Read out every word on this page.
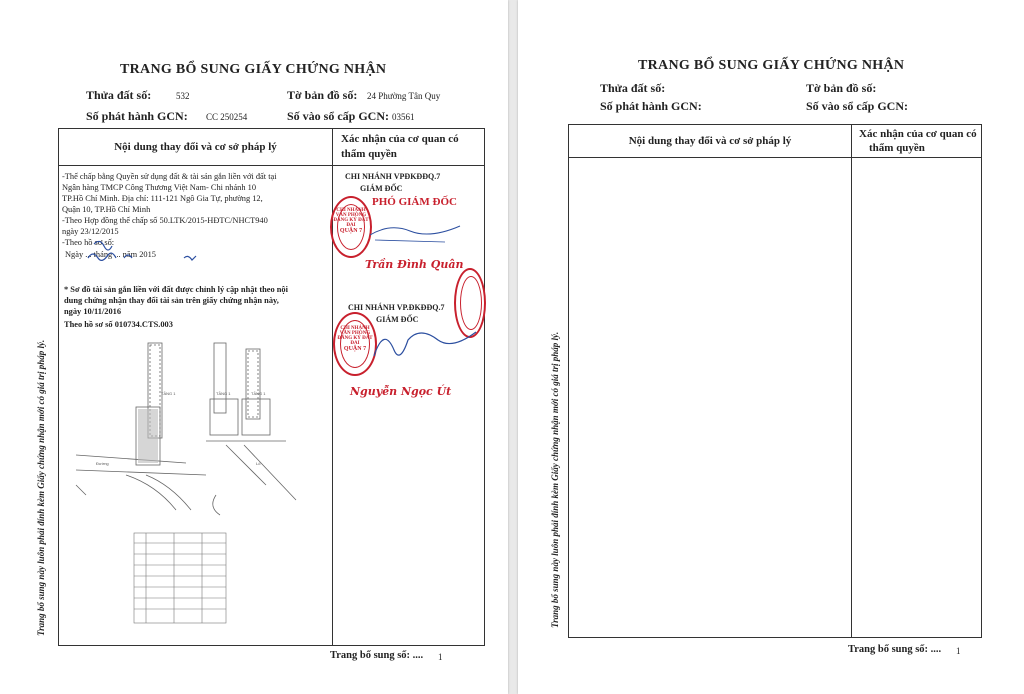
TRANG BỔ SUNG GIẤY CHỨNG NHẬN
Thửa đất số:	532	Tờ bản đồ số: 24 Phường Tân Quy
Số phát hành GCN: CC 250254	Số vào sổ cấp GCN: 03561
Nội dung thay đổi và cơ sở pháp lý
Xác nhận của cơ quan có
thẩm quyền
-Thế chấp bằng Quyền sử dụng đất & tài sản gắn liền với đất tại
Ngân hàng TMCP Công Thương Việt Nam- Chi nhánh 10
TP.Hồ Chí Minh. Địa chỉ: 111-121 Ngô Gia Tự, phường 12,
Quận 10, TP.Hồ Chí Minh
-Theo Hợp đồng thế chấp số 50.LTK/2015-HĐTC/NHCT940
ngày 23/12/2015
-Theo hồ sơ số:
Ngày ... tháng ... năm 2015
* Sơ đồ tài sản gắn liền với đất được chỉnh lý cập nhật theo nội
dung chứng nhận thay đổi tài sản trên giấy chứng nhận này,
ngày 10/11/2016
Theo hồ sơ số 010734.CTS.003
TẦNG 1	TẦNG 1
TẦNG 1
Đường	Lô
CHI NHÁNH VPĐKĐĐQ.7
GIÁM ĐỐC
PHÓ GIÁM ĐỐC
CHI NHÁNH
VĂN PHÒNG
ĐĂNG KÝ ĐẤT ĐAI
QUẬN 7
Trần Đình Quân
CHI NHÁNH VP.ĐKĐĐQ.7
GIÁM ĐỐC
CHI NHÁNH
VĂN PHÒNG
ĐĂNG KÝ ĐẤT ĐAI
QUẬN 7
Nguyễn Ngọc Út
Trang bổ sung này luôn phải đính kèm Giấy chứng nhận mới có giá trị pháp lý.
Trang bổ sung số: .... 1
TRANG BỔ SUNG GIẤY CHỨNG NHẬN
Thửa đất số:	Tờ bản đồ số:
Số phát hành GCN:	Số vào sổ cấp GCN:
Nội dung thay đổi và cơ sở pháp lý
Xác nhận của cơ quan có
thẩm quyền
Trang bổ sung này luôn phải đính kèm Giấy chứng nhận mới có giá trị pháp lý.
Trang bổ sung số: .... 1
